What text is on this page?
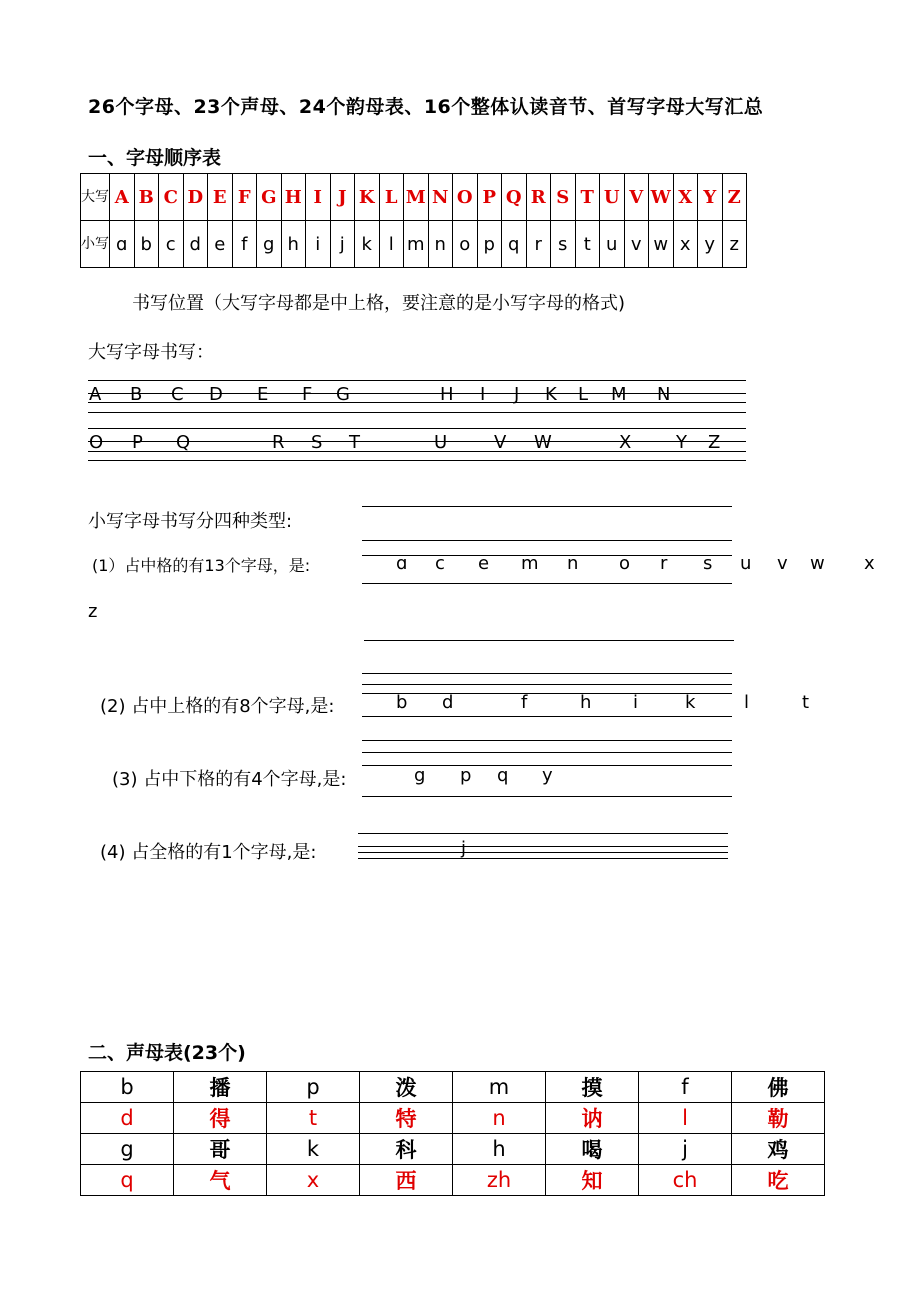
26个字母、23个声母、24个韵母表、16个整体认读音节、首写字母大写汇总
一、字母顺序表
大写	A	B	C	D	E	F	G	H	I	J	K	L	M	N	O	P	Q	R	S	T	U	V	W	X	Y	Z
小写	ɑ	b	c	d	e	f	g	h	i	j	k	l	m	n	o	p	q	r	s	t	u	v	w	x	y	z
书写位置（大写字母都是中上格，要注意的是小写字母的格式)
大写字母书写：
A B C D E F G	H I J K L M N
O P Q	R S T	U	V W	X Y Z
小写字母书写分四种类型:
(1）占中格的有13个字母，是:	ɑ c e m n o r s u v w x
z
(2) 占中上格的有8个字母,是:	b d	f	h i	k	l	t
(3) 占中下格的有4个字母,是:	g p q y
(4) 占全格的有1个字母,是:	j
二、声母表(23个)
b	播	p	泼	m	摸	f	佛
d	得	t	特	n	讷	l	勒
g	哥	k	科	h	喝	j	鸡
q	气	x	西	zh	知	ch	吃
